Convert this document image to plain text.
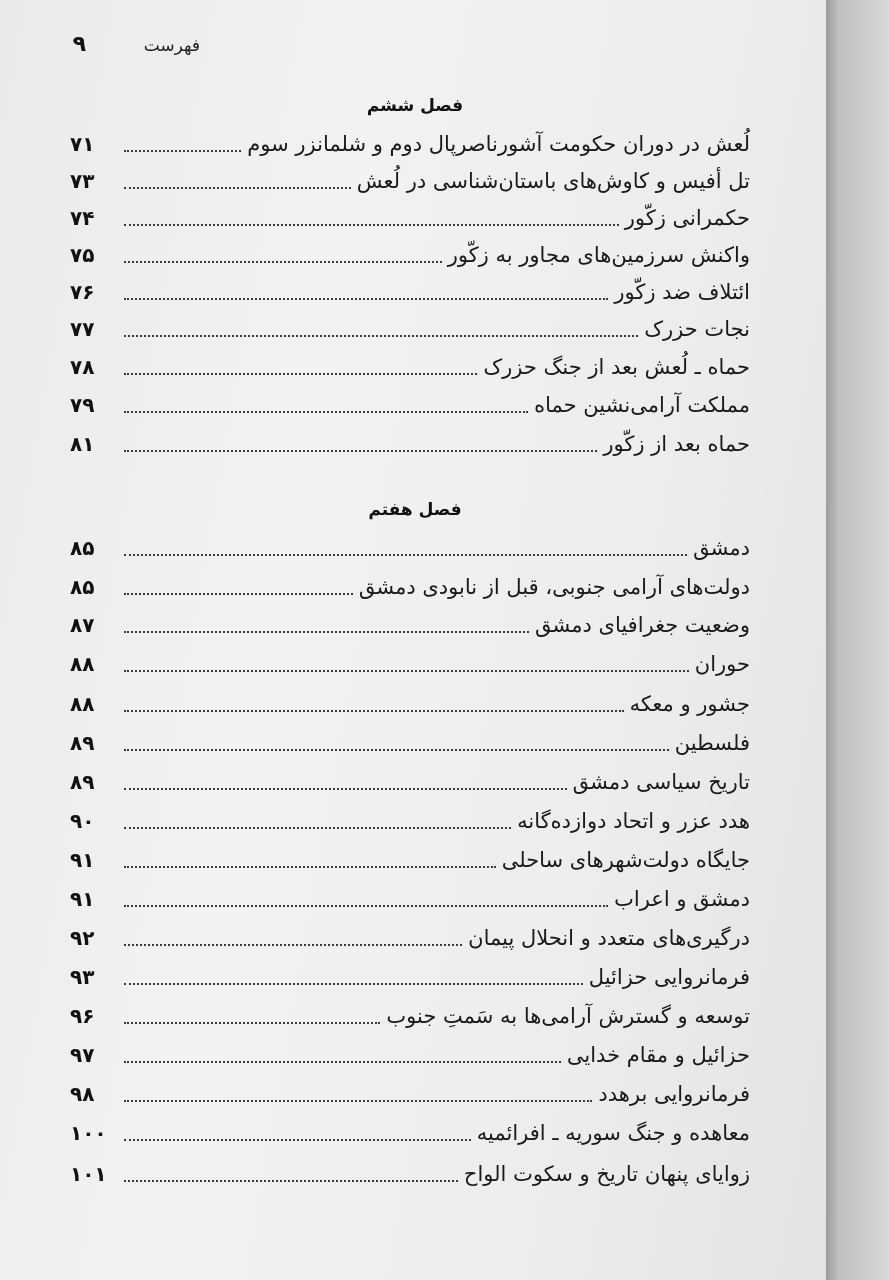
فهرست
۹
فصل ششم
لُعش در دوران حکومت آشورناصرپال دوم و شلمانزر سوم
۷۱
تل أفیس و کاوش‌های باستان‌شناسی در لُعش
۷۳
حکمرانی زکّور
۷۴
واکنش سرزمین‌های مجاور به زکّور
۷۵
ائتلاف ضد زکّور
۷۶
نجات حزرک
۷۷
حماه ـ لُعش بعد از جنگ حزرک
۷۸
مملکت آرامی‌نشین حماه
۷۹
حماه بعد از زکّور
۸۱
فصل هفتم
دمشق
۸۵
دولت‌های آرامی جنوبی، قبل از نابودی دمشق
۸۵
وضعیت جغرافیای دمشق
۸۷
حوران
۸۸
جشور و معکه
۸۸
فلسطین
۸۹
تاریخ سیاسی دمشق
۸۹
هدد عزر و اتحاد دوازده‌گانه
۹۰
جایگاه دولت‌شهرهای ساحلی
۹۱
دمشق و اعراب
۹۱
درگیری‌های متعدد و انحلال پیمان
۹۲
فرمانروایی حزائیل
۹۳
توسعه و گسترش آرامی‌ها به سَمتِ جنوب
۹۶
حزائیل و مقام خدایی
۹۷
فرمانروایی برهدد
۹۸
معاهده و جنگ سوریه ـ افرائمیه
۱۰۰
زوایای پنهان تاریخ و سکوت الواح
۱۰۱
